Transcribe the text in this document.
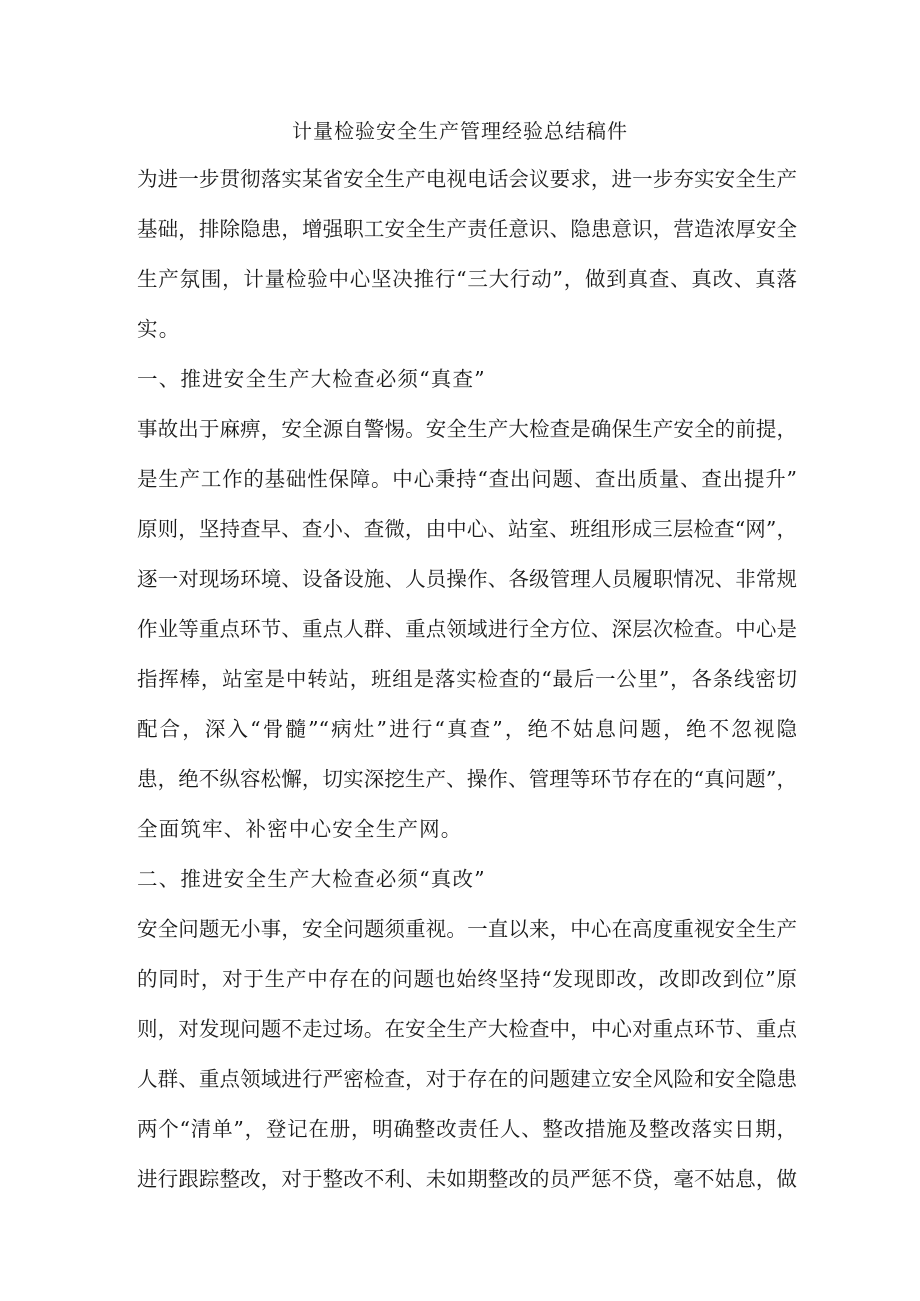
计量检验安全生产管理经验总结稿件
为进一步贯彻落实某省安全生产电视电话会议要求，进一步夯实安全生产
基础，排除隐患，增强职工安全生产责任意识、隐患意识，营造浓厚安全
生产氛围，计量检验中心坚决推行“三大行动”，做到真查、真改、真落
实。
一、推进安全生产大检查必须“真查”
事故出于麻痹，安全源自警惕。安全生产大检查是确保生产安全的前提，
是生产工作的基础性保障。中心秉持“查出问题、查出质量、查出提升”
原则，坚持查早、查小、查微，由中心、站室、班组形成三层检查“网”，
逐一对现场环境、设备设施、人员操作、各级管理人员履职情况、非常规
作业等重点环节、重点人群、重点领域进行全方位、深层次检查。中心是
指挥棒，站室是中转站，班组是落实检查的“最后一公里”，各条线密切
配合，深入“骨髓”“病灶”进行“真查”，绝不姑息问题，绝不忽视隐
患，绝不纵容松懈，切实深挖生产、操作、管理等环节存在的“真问题”，
全面筑牢、补密中心安全生产网。
二、推进安全生产大检查必须“真改”
安全问题无小事，安全问题须重视。一直以来，中心在高度重视安全生产
的同时，对于生产中存在的问题也始终坚持“发现即改，改即改到位”原
则，对发现问题不走过场。在安全生产大检查中，中心对重点环节、重点
人群、重点领域进行严密检查，对于存在的问题建立安全风险和安全隐患
两个“清单”，登记在册，明确整改责任人、整改措施及整改落实日期，
进行跟踪整改，对于整改不利、未如期整改的员严惩不贷，毫不姑息，做
